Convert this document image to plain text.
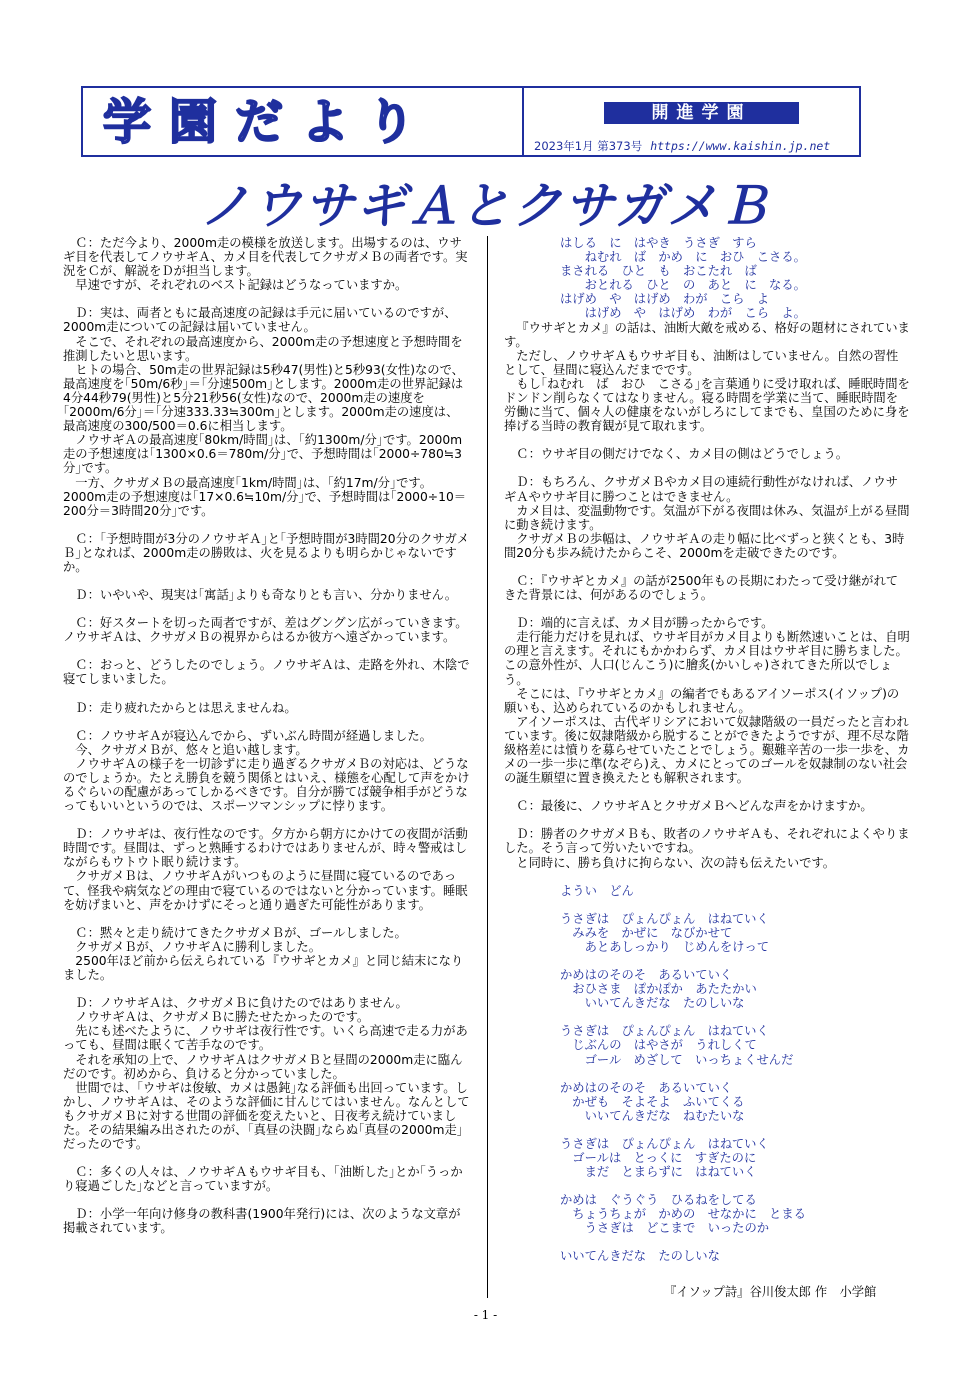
学園だより	開進学園
2023年1月 第373号 https://www.kaishin.jp.net
ノウサギＡとクサガメＢ

Ｃ：ただ今より、2000m走の模様を放送します。出場するのは、ウサギ目を代表してノウサギＡ、カメ目を代表してクサガメＢの両者です。実況をＣが、解説をＤが担当します。

早速ですが、それぞれのベスト記録はどうなっていますか。

Ｄ：実は、両者ともに最高速度の記録は手元に届いているのですが、2000m走についての記録は届いていません。

そこで、それぞれの最高速度から、2000m走の予想速度と予想時間を推測したいと思います。

ヒトの場合、50m走の世界記録は5秒47(男性)と5秒93(女性)なので、最高速度を｢50m/6秒｣＝｢分速500m｣とします。2000m走の世界記録は4分44秒79(男性)と5分21秒56(女性)なので、2000m走の速度を｢2000m/6分｣＝｢分速333.33≒300m｣とします。2000m走の速度は、最高速度の300/500＝0.6に相当します。

ノウサギＡの最高速度｢80km/時間｣は、｢約1300m/分｣です。2000m走の予想速度は｢1300×0.6＝780m/分｣で、予想時間は｢2000÷780≒3分｣です。

一方、クサガメＢの最高速度｢1km/時間｣は、｢約17m/分｣です。2000m走の予想速度は｢17×0.6≒10m/分｣で、予想時間は｢2000÷10＝200分＝3時間20分｣です。

Ｃ：｢予想時間が3分のノウサギＡ｣と｢予想時間が3時間20分のクサガメＢ｣となれば、2000m走の勝敗は、火を見るよりも明らかじゃないですか。

Ｄ：いやいや、現実は｢寓話｣よりも奇なりとも言い、分かりません。

Ｃ：好スタートを切った両者ですが、差はグングン広がっていきます。ノウサギＡは、クサガメＢの視界からはるか彼方へ遠ざかっています。

Ｃ：おっと、どうしたのでしょう。ノウサギＡは、走路を外れ、木陰で寝てしまいました。

Ｄ：走り疲れたからとは思えませんね。

Ｃ：ノウサギＡが寝込んでから、ずいぶん時間が経過しました。

今、クサガメＢが、悠々と追い越します。

ノウサギＡの様子を一切診ずに走り過ぎるクサガメＢの対応は、どうなのでしょうか。たとえ勝負を競う関係とはいえ、様態を心配して声をかけるぐらいの配慮があってしかるべきです。自分が勝てば競争相手がどうなってもいいというのでは、スポーツマンシップに悖ります。

Ｄ：ノウサギは、夜行性なのです。夕方から朝方にかけての夜間が活動時間です。昼間は、ずっと熟睡するわけではありませんが、時々警戒はしながらもウトウト眠り続けます。

クサガメＢは、ノウサギＡがいつものように昼間に寝ているのであって、怪我や病気などの理由で寝ているのではないと分かっています。睡眠を妨げまいと、声をかけずにそっと通り過ぎた可能性があります。

Ｃ：黙々と走り続けてきたクサガメＢが、ゴールしました。

クサガメＢが、ノウサギＡに勝利しました。

2500年ほど前から伝えられている『ウサギとカメ』と同じ結末になりました。

Ｄ：ノウサギＡは、クサガメＢに負けたのではありません。

ノウサギＡは、クサガメＢに勝たせたかったのです。

先にも述べたように、ノウサギは夜行性です。いくら高速で走る力があっても、昼間は眠くて苦手なのです。

それを承知の上で、ノウサギＡはクサガメＢと昼間の2000m走に臨んだのです。初めから、負けると分かっていました。

世間では、｢ウサギは俊敏、カメは愚鈍｣なる評価も出回っています。しかし、ノウサギＡは、そのような評価に甘んじてはいません。なんとしてもクサガメＢに対する世間の評価を変えたいと、日夜考え続けていました。その結果編み出されたのが、｢真昼の決闘｣ならぬ｢真昼の2000m走｣だったのです。

Ｃ：多くの人々は、ノウサギＡもウサギ目も、｢油断した｣とか｢うっかり寝過ごした｣などと言っていますが。

Ｄ：小学一年向け修身の教科書(1900年発行)には、次のような文章が掲載されています。

はしる　に　はやき　うさぎ　すら
　　ねむれ　ば　かめ　に　おひ　こさる。
まされる　ひと　も　おこたれ　ば
　　おとれる　ひと　の　あと　に　なる。
はげめ　や　はげめ　わが　こら　よ
　　はげめ　や　はげめ　わが　こら　よ。

『ウサギとカメ』の話は、油断大敵を戒める、格好の題材にされています。

ただし、ノウサギＡもウサギ目も、油断はしていません。自然の習性として、昼間に寝込んだまでです。

もし｢ねむれ　ば　おひ　こさる｣を言葉通りに受け取れば、睡眠時間をドンドン削らなくてはなりません。寝る時間を学業に当て、睡眠時間を労働に当て、個々人の健康をないがしろにしてまでも、皇国のために身を捧げる当時の教育観が見て取れます。

Ｃ：ウサギ目の側だけでなく、カメ目の側はどうでしょう。

Ｄ：もちろん、クサガメＢやカメ目の連続行動性がなければ、ノウサギＡやウサギ目に勝つことはできません。

カメ目は、変温動物です。気温が下がる夜間は休み、気温が上がる昼間に動き続けます。

クサガメＢの歩幅は、ノウサギＡの走り幅に比べずっと狭くとも、3時間20分も歩み続けたからこそ、2000mを走破できたのです。

Ｃ：『ウサギとカメ』の話が2500年もの長期にわたって受け継がれてきた背景には、何があるのでしょう。

Ｄ：端的に言えば、カメ目が勝ったからです。

走行能力だけを見れば、ウサギ目がカメ目よりも断然速いことは、自明の理と言えます。それにもかかわらず、カメ目はウサギ目に勝ちました。この意外性が、人口(じんこう)に膾炙(かいしゃ)されてきた所以でしょう。

そこには、『ウサギとカメ』の編者でもあるアイソーポス(イソップ)の願いも、込められているのかもしれません。

アイソーポスは、古代ギリシアにおいて奴隷階級の一員だったと言われています。後に奴隷階級から脱することができたようですが、理不尽な階級格差には憤りを募らせていたことでしょう。艱難辛苦の一歩一歩を、カメの一歩一歩に準(なぞら)え、カメにとってのゴールを奴隷制のない社会の誕生願望に置き換えたとも解釈されます。

Ｃ：最後に、ノウサギＡとクサガメＢへどんな声をかけますか。

Ｄ：勝者のクサガメＢも、敗者のノウサギＡも、それぞれによくやりました。そう言って労いたいですね。

と同時に、勝ち負けに拘らない、次の詩も伝えたいです。

ようい　どん
うさぎは　ぴょんぴょん　はねていく
　みみを　かぜに　なびかせて
　　あとあしっかり　じめんをけって
かめはのそのそ　あるいていく
　おひさま　ぽかぽか　あたたかい
　　いいてんきだな　たのしいな
うさぎは　ぴょんぴょん　はねていく
　じぶんの　はやさが　うれしくて
　　ゴール　めざして　いっちょくせんだ
かめはのそのそ　あるいていく
　かぜも　そよそよ　ふいてくる
　　いいてんきだな　ねむたいな
うさぎは　ぴょんぴょん　はねていく
　ゴールは　とっくに　すぎたのに
　　まだ　とまらずに　はねていく
かめは　ぐうぐう　ひるねをしてる
　ちょうちょが　かめの　せなかに　とまる
　　うさぎは　どこまで　いったのか
いいてんきだな　たのしいな
『イソップ詩』谷川俊太郎 作　小学館
- 1 -
